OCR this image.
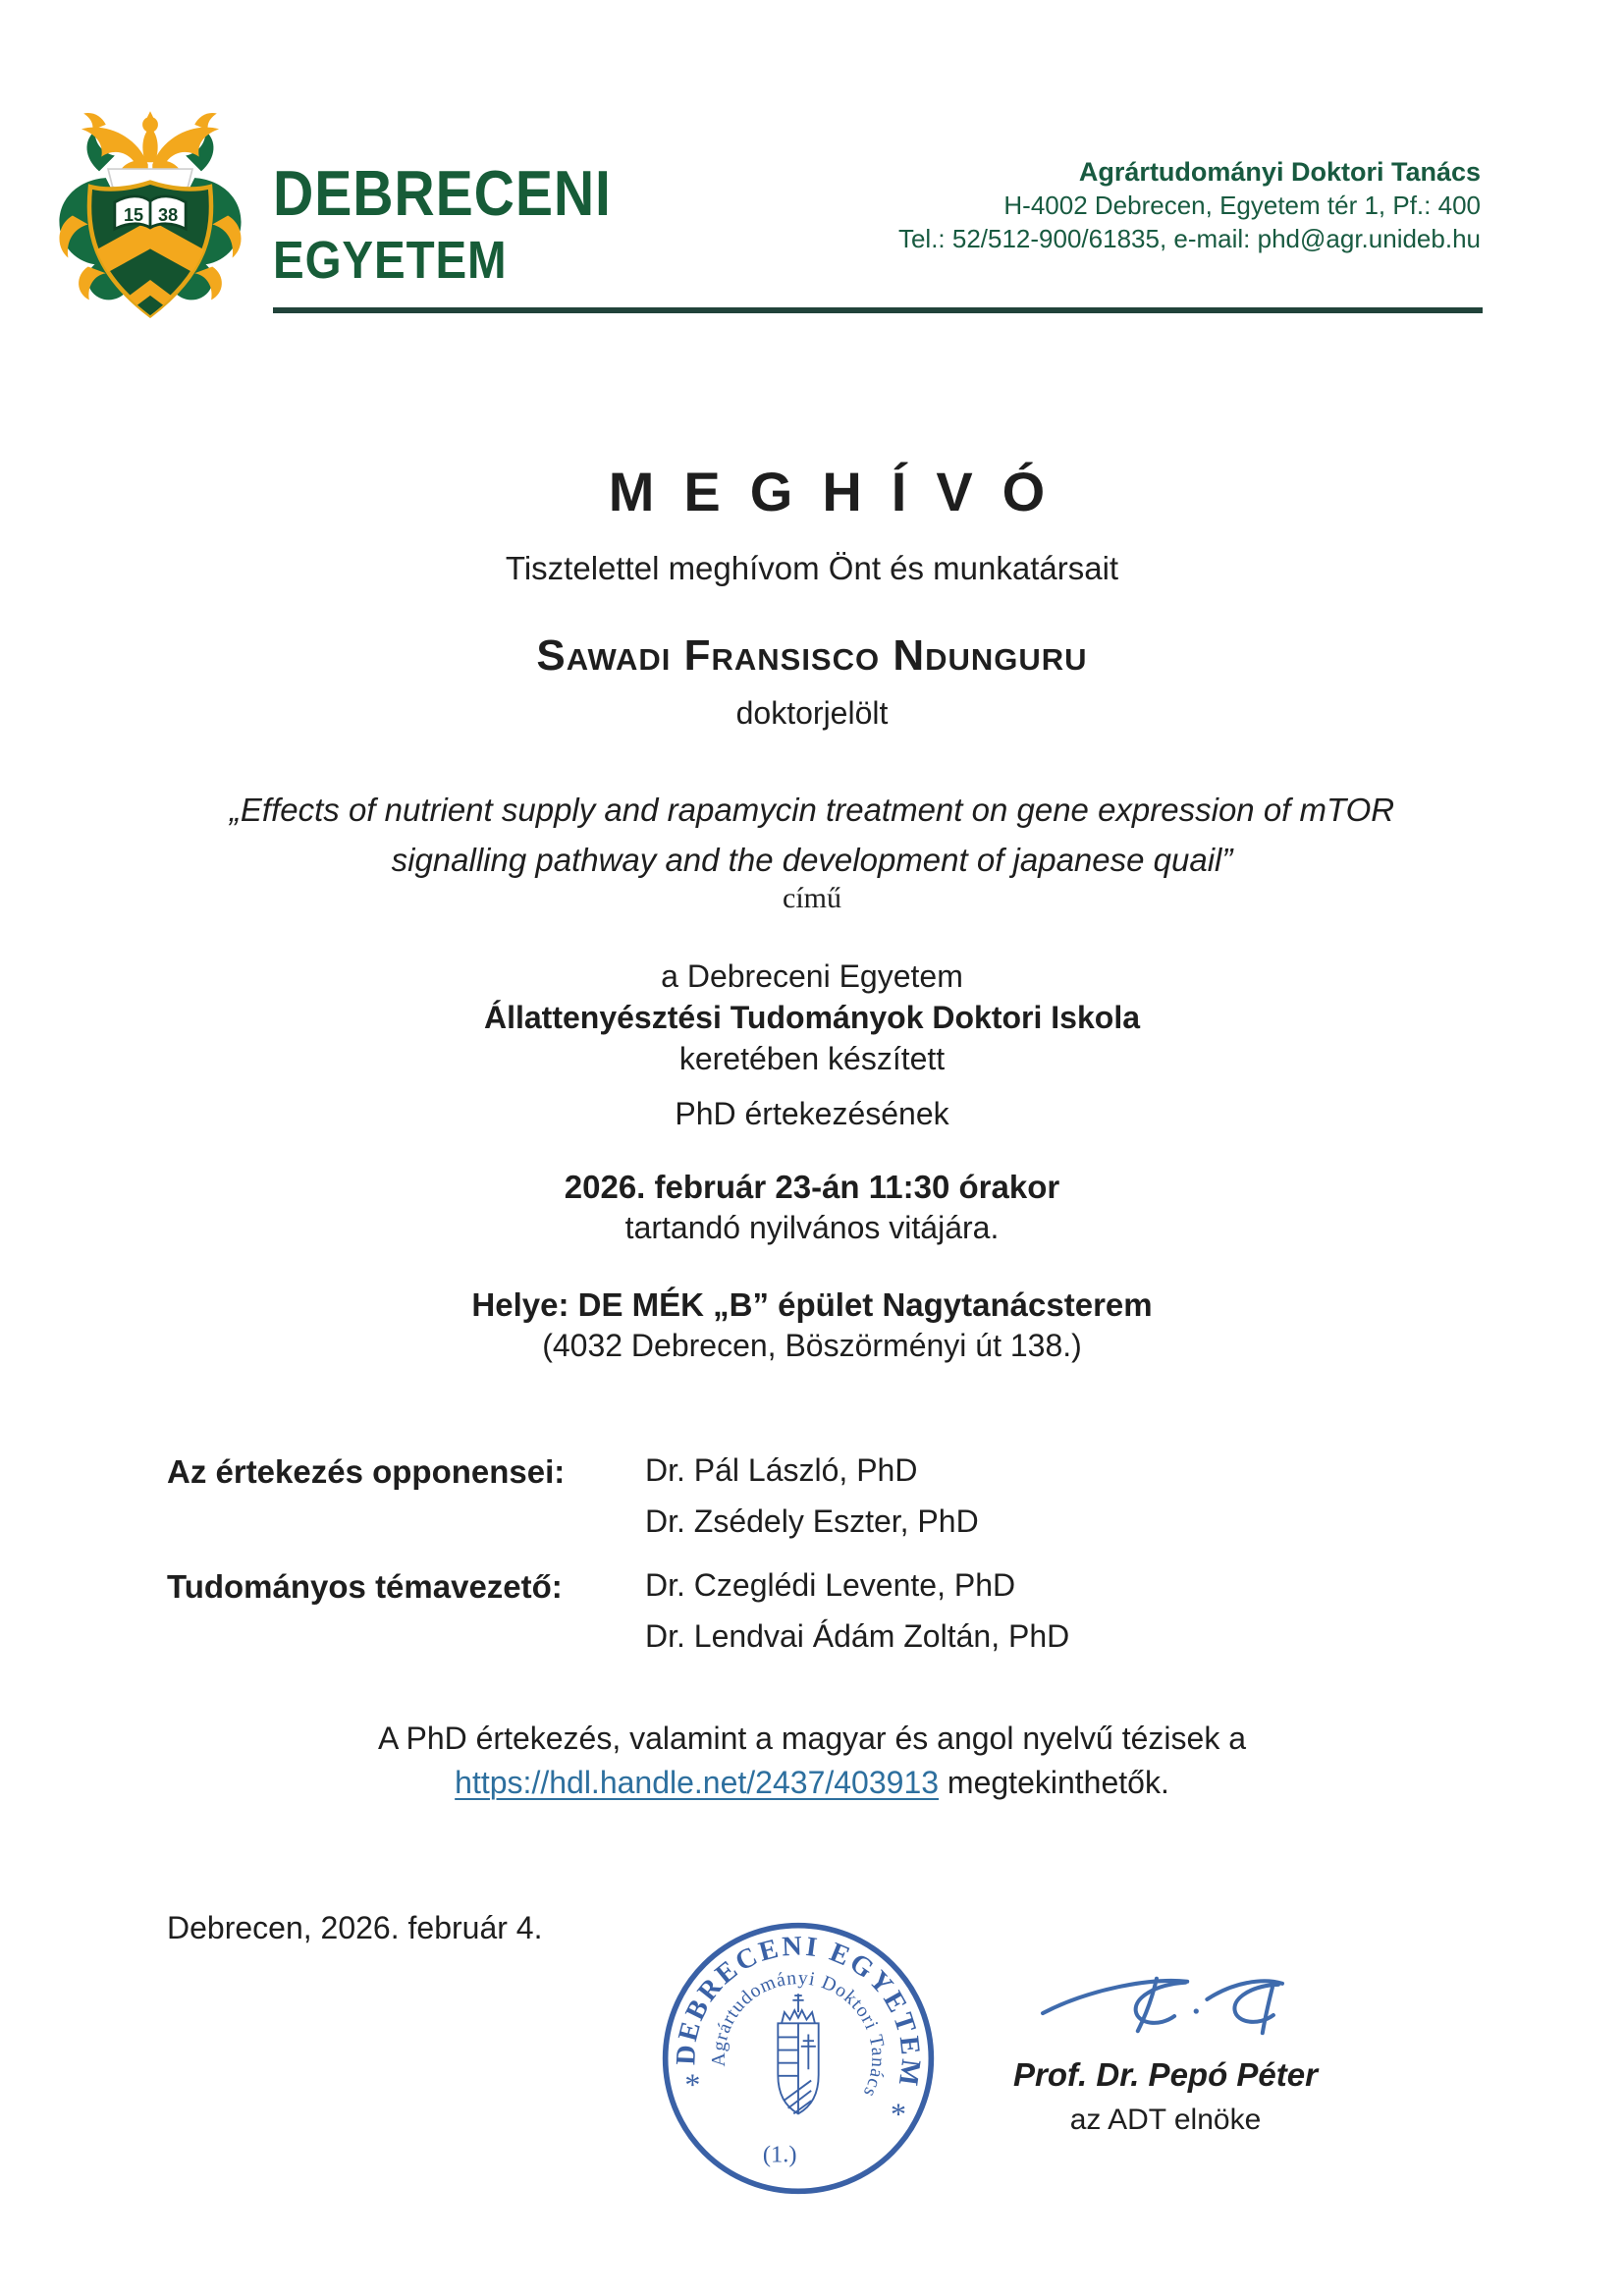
15 38 DEBRECENI
EGYETEM
Agrártudományi Doktori Tanács
H-4002 Debrecen, Egyetem tér 1, Pf.: 400
Tel.: 52/512-900/61835, e-mail: phd@agr.unideb.hu
MEGHÍVÓ
Tisztelettel meghívom Önt és munkatársait
Sawadi Fransisco Ndunguru
doktorjelölt
„Effects of nutrient supply and rapamycin treatment on gene expression of mTOR
signalling pathway and the development of japanese quail”
című
a Debreceni Egyetem
Állattenyésztési Tudományok Doktori Iskola
keretében készített
PhD értekezésének
2026. február 23-án 11:30 órakor
tartandó nyilvános vitájára.
Helye: DE MÉK „B” épület Nagytanácsterem
(4032 Debrecen, Böszörményi út 138.)
Az értekezés opponensei:	Dr. Pál László, PhD
Dr. Zsédely Eszter, PhD
Tudományos témavezető:	Dr. Czeglédi Levente, PhD
Dr. Lendvai Ádám Zoltán, PhD
A PhD értekezés, valamint a magyar és angol nyelvű tézisek a
https://hdl.handle.net/2437/403913 megtekinthetők.
Debrecen, 2026. február 4.
DEBRECENI EGYETEM
Agrártudományi Doktori Tanács
*
*
(1.)
Prof. Dr. Pepó Péter
az ADT elnöke
